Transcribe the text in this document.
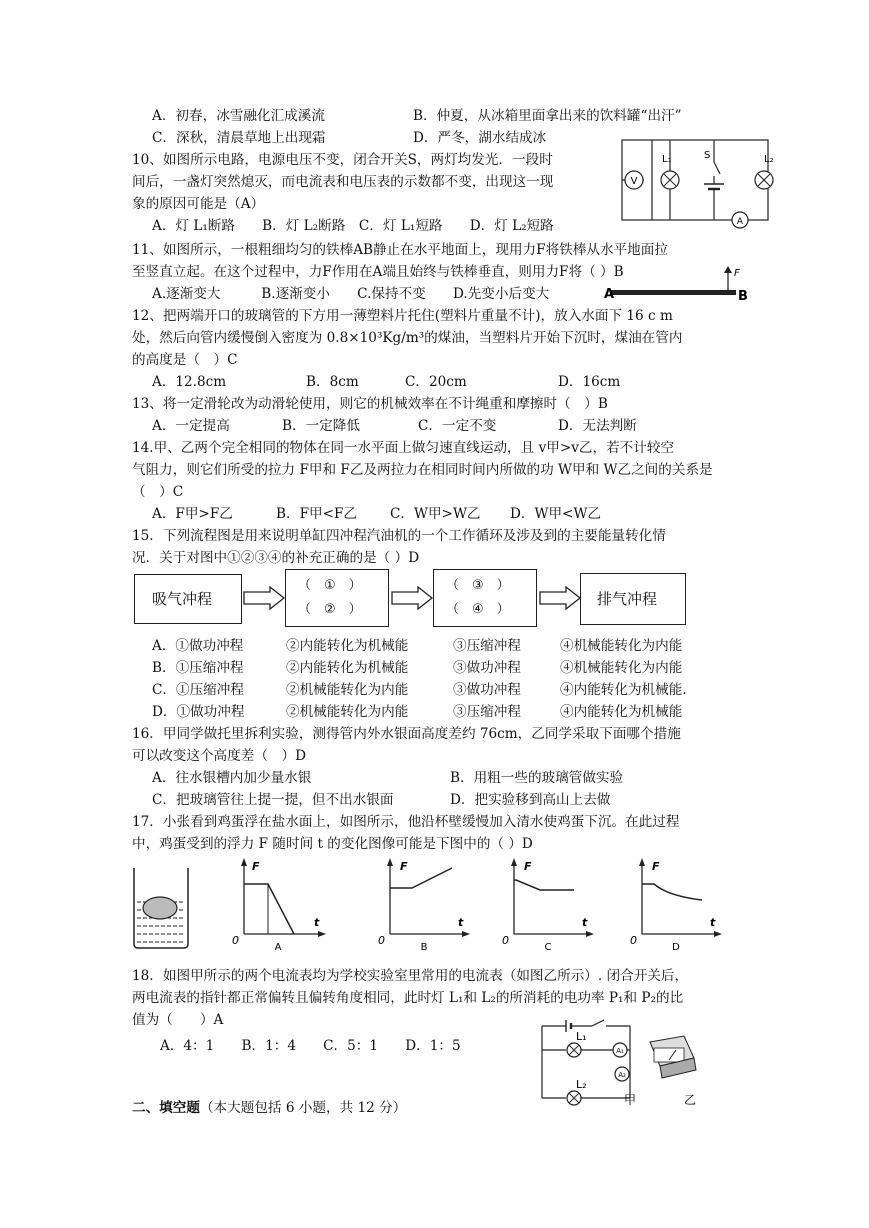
A．初春，冰雪融化汇成溪流	B．仲夏，从冰箱里面拿出来的饮料罐“出汗”
C．深秋，清晨草地上出现霜	D．严冬，湖水结成冰
10、如图所示电路，电源电压不变，闭合开关S，两灯均发光．一段时
间后，一盏灯突然熄灭，而电流表和电压表的示数都不变，出现这一现
象的原因可能是（A）
A．灯 L₁断路　　B．灯 L₂断路　C．灯 L₁短路　　D．灯 L₂短路
V
L₁	S	L₂
A
11、如图所示，一根粗细均匀的铁棒AB静止在水平地面上，现用力F将铁棒从水平地面拉
至竖直立起。在这个过程中，力F作用在A端且始终与铁棒垂直，则用力F将（ ）B
A.逐渐变大　　　B.逐渐变小　　C.保持不变　　D.先变小后变大
F
A	B
12、把两端开口的玻璃管的下方用一薄塑料片托住(塑料片重量不计)，放入水面下 16 c m
处，然后向管内缓慢倒入密度为 0.8×10³Kg/m³的煤油，当塑料片开始下沉时，煤油在管内
的高度是（　）C
A．12.8cm	B．8cm	C．20cm	D．16cm
13、将一定滑轮改为动滑轮使用，则它的机械效率在不计绳重和摩擦时（　）B
A．一定提高	B．一定降低	C．一定不变	D．无法判断
14.甲、乙两个完全相同的物体在同一水平面上做匀速直线运动，且 v甲>v乙，若不计较空
气阻力，则它们所受的拉力 F甲和 F乙及两拉力在相同时间内所做的功 W甲和 W乙之间的关系是
（　）C
A．F甲>F乙	B．F甲<F乙 C．W甲>W乙 D．W甲<W乙
15．下列流程图是用来说明单缸四冲程汽油机的一个工作循环及涉及到的主要能量转化情
况．关于对图中①②③④的补充正确的是（ ）D
吸气冲程
（　①　）
（　②　）
（　③　）
（　④　）
排气冲程
A．①做功冲程	②内能转化为机械能	③压缩冲程	④机械能转化为内能
B．①压缩冲程	②内能转化为机械能	③做功冲程	④机械能转化为内能
C．①压缩冲程	②机械能转化为内能	③做功冲程	④内能转化为机械能.
D．①做功冲程	②机械能转化为内能	③压缩冲程	④内能转化为机械能
16．甲同学做托里拆利实验，测得管内外水银面高度差约 76cm，乙同学采取下面哪个措施
可以改变这个高度差（　）D
A．往水银槽内加少量水银	B．用粗一些的玻璃管做实验
C．把玻璃管往上提一提，但不出水银面	D．把实验移到高山上去做
17．小张看到鸡蛋浮在盐水面上，如图所示，他沿杯壁缓慢加入清水使鸡蛋下沉。在此过程
中，鸡蛋受到的浮力 F 随时间 t 的变化图像可能是下图中的（ ）D
F
t
0
A
F
t
0
B
F
t
0
C
F
t
0
D
18．如图甲所示的两个电流表均为学校实验室里常用的电流表（如图乙所示）. 闭合开关后，
两电流表的指针都正常偏转且偏转角度相同，此时灯 L₁和 L₂的所消耗的电功率 P₁和 P₂的比
值为（　　）A
A．4：1　　B．1：4　　C．5：1　　D．1：5
L₁
A₁
A₂
L₂
甲	乙
二、填空题（本大题包括 6 小题，共 12 分）
